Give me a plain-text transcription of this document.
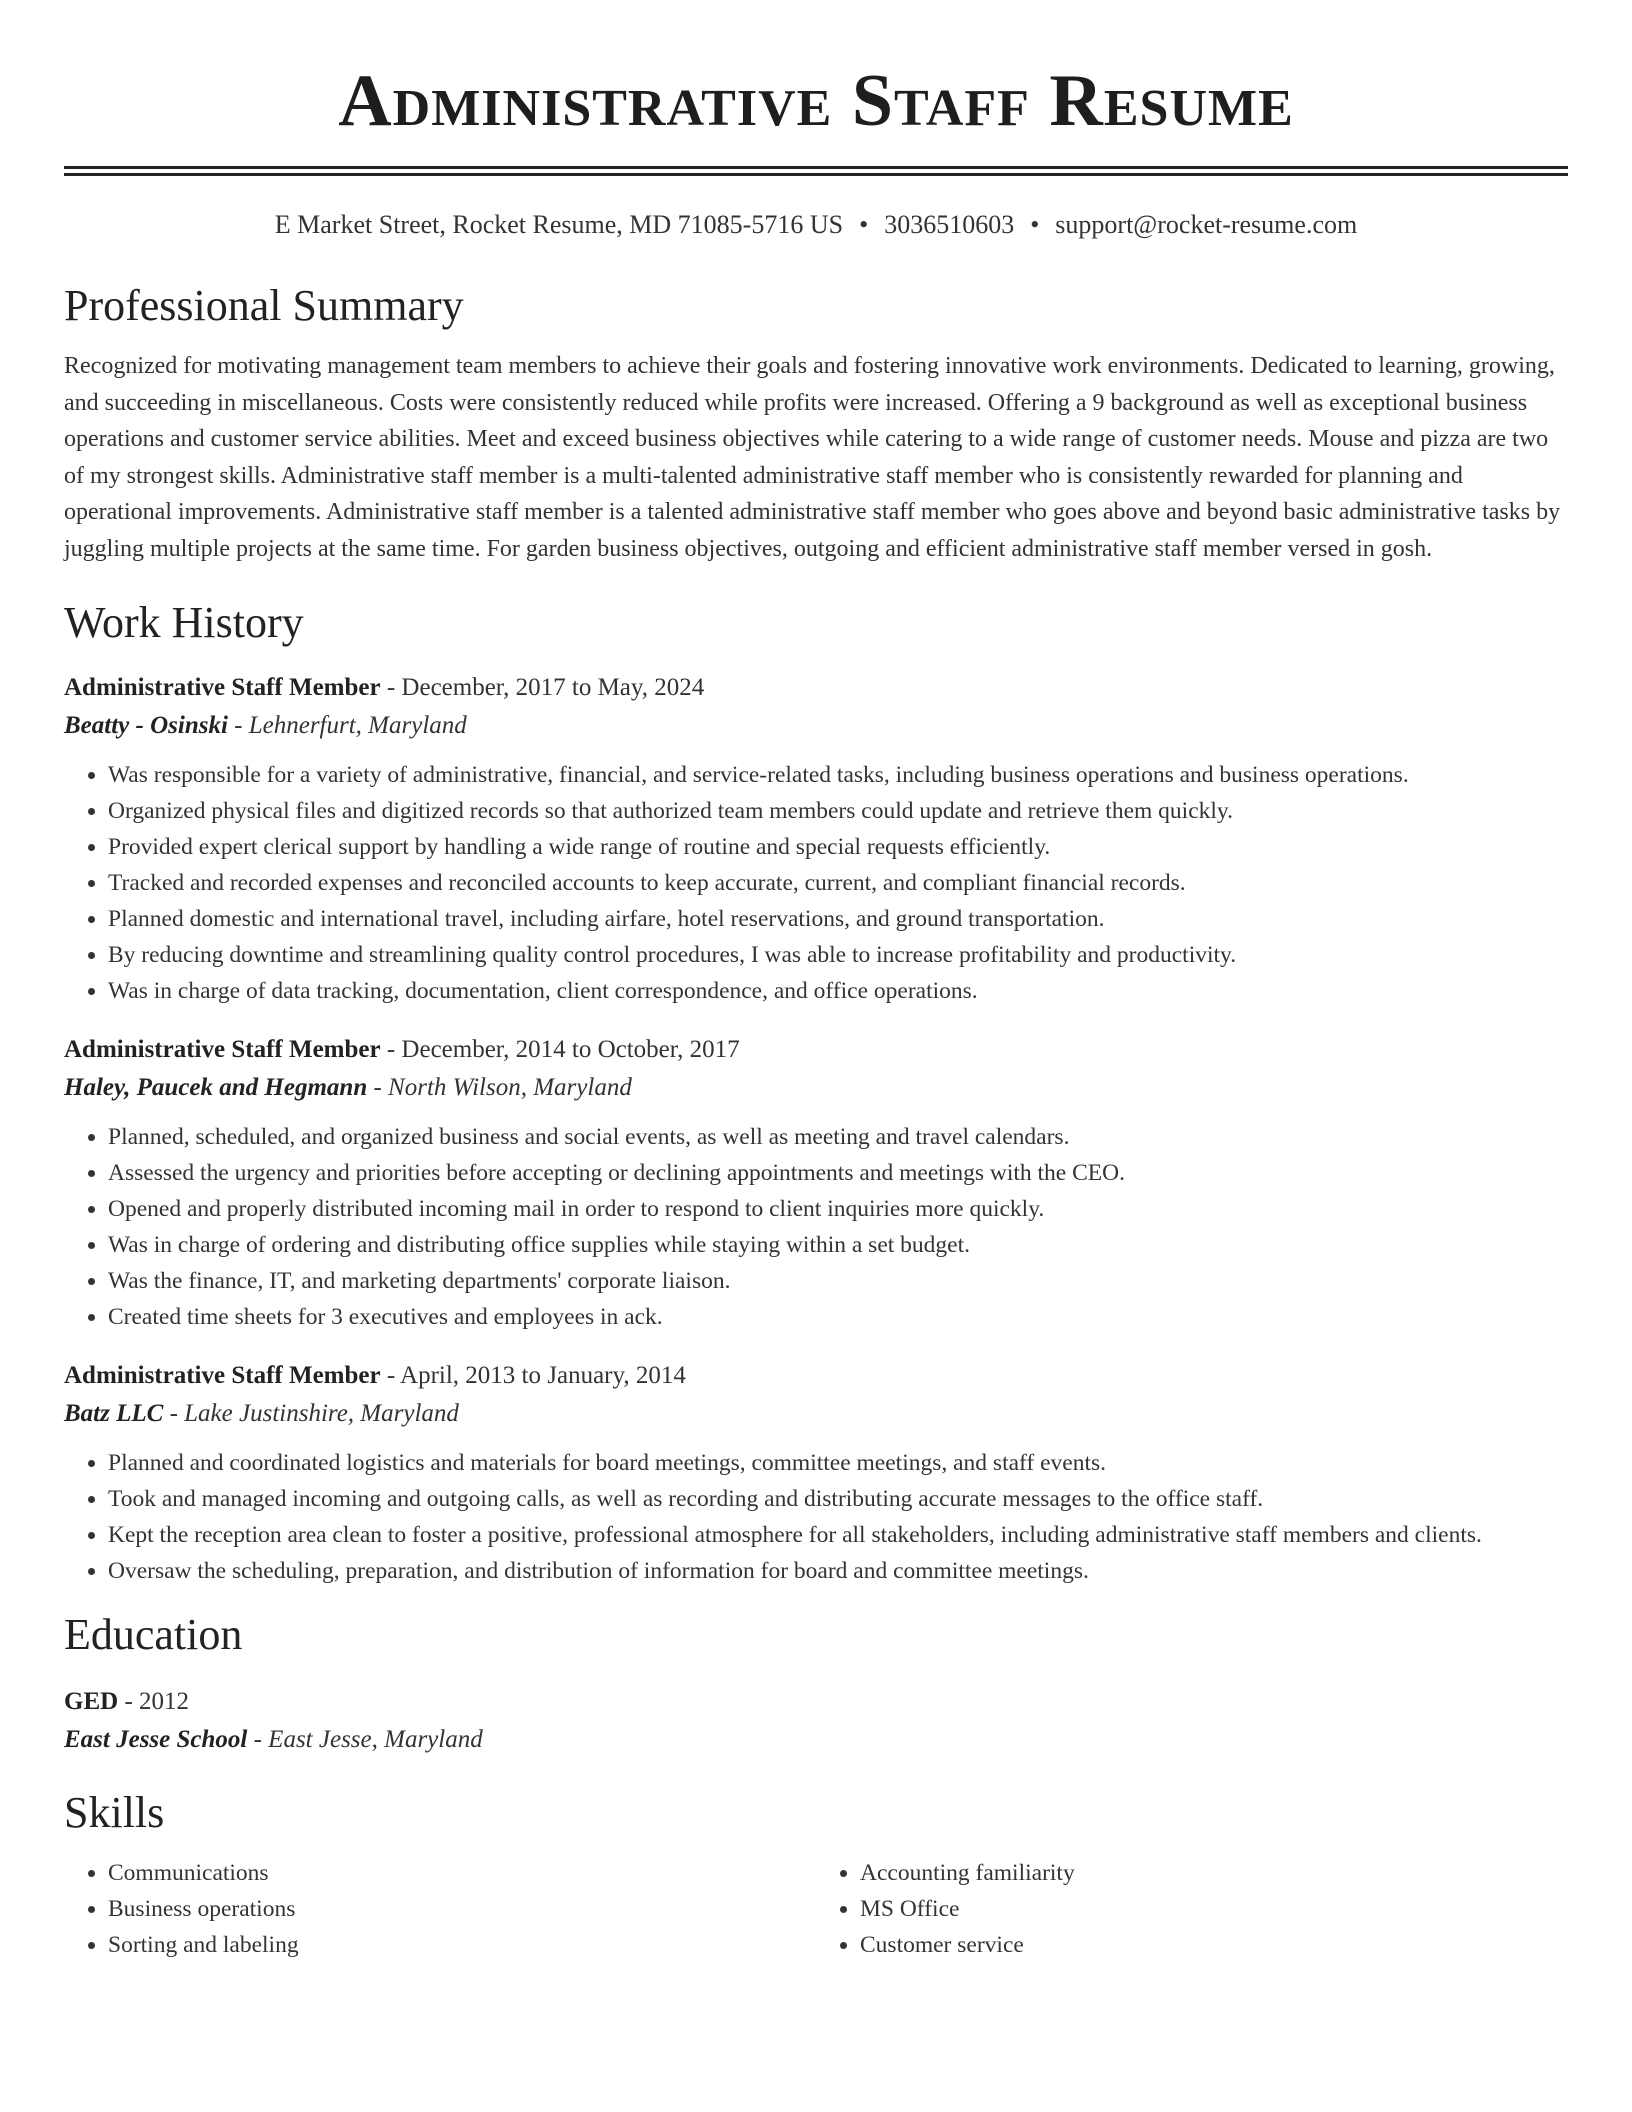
Administrative Staff Resume
E Market Street, Rocket Resume, MD 71085-5716 US • 3036510603 • support@rocket-resume.com
Professional Summary

Recognized for motivating management team members to achieve their goals and fostering innovative work environments. Dedicated to learning, growing, and succeeding in miscellaneous. Costs were consistently reduced while profits were increased. Offering a 9 background as well as exceptional business operations and customer service abilities. Meet and exceed business objectives while catering to a wide range of customer needs. Mouse and pizza are two of my strongest skills. Administrative staff member is a multi-talented administrative staff member who is consistently rewarded for planning and operational improvements. Administrative staff member is a talented administrative staff member who goes above and beyond basic administrative tasks by juggling multiple projects at the same time. For garden business objectives, outgoing and efficient administrative staff member versed in gosh.

Work History
Administrative Staff Member - December, 2017 to May, 2024
Beatty - Osinski - Lehnerfurt, Maryland
• Was responsible for a variety of administrative, financial, and service-related tasks, including business operations and business operations.
• Organized physical files and digitized records so that authorized team members could update and retrieve them quickly.
• Provided expert clerical support by handling a wide range of routine and special requests efficiently.
• Tracked and recorded expenses and reconciled accounts to keep accurate, current, and compliant financial records.
• Planned domestic and international travel, including airfare, hotel reservations, and ground transportation.
• By reducing downtime and streamlining quality control procedures, I was able to increase profitability and productivity.
• Was in charge of data tracking, documentation, client correspondence, and office operations.
Administrative Staff Member - December, 2014 to October, 2017
Haley, Paucek and Hegmann - North Wilson, Maryland
• Planned, scheduled, and organized business and social events, as well as meeting and travel calendars.
• Assessed the urgency and priorities before accepting or declining appointments and meetings with the CEO.
• Opened and properly distributed incoming mail in order to respond to client inquiries more quickly.
• Was in charge of ordering and distributing office supplies while staying within a set budget.
• Was the finance, IT, and marketing departments' corporate liaison.
• Created time sheets for 3 executives and employees in ack.
Administrative Staff Member - April, 2013 to January, 2014
Batz LLC - Lake Justinshire, Maryland
• Planned and coordinated logistics and materials for board meetings, committee meetings, and staff events.
• Took and managed incoming and outgoing calls, as well as recording and distributing accurate messages to the office staff.
• Kept the reception area clean to foster a positive, professional atmosphere for all stakeholders, including administrative staff members and clients.
• Oversaw the scheduling, preparation, and distribution of information for board and committee meetings.
Education
GED - 2012
East Jesse School - East Jesse, Maryland
Skills
• Communications
• Business operations
• Sorting and labeling
• Accounting familiarity
• MS Office
• Customer service
